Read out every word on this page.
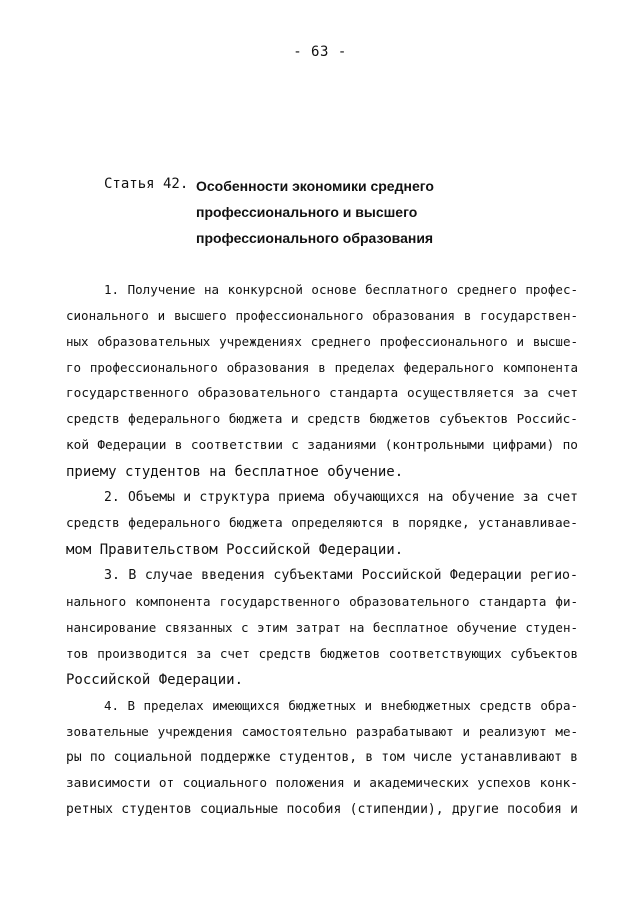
- 63 -
Статья 42. Особенности экономики среднего
профессионального и высшего
профессионального образования
1. Получение на конкурсной основе бесплатного среднего профес-
сионального и высшего профессионального образования в государствен-
ных образовательных учреждениях среднего профессионального и высше-
го профессионального образования в пределах федерального компонента
государственного образовательного стандарта осуществляется за счет
средств федерального бюджета и средств бюджетов субъектов Российс-
кой Федерации в соответствии с заданиями (контрольными цифрами) по
приему студентов на бесплатное обучение.
2. Объемы и структура приема обучающихся на обучение за счет
средств федерального бюджета определяются в порядке, устанавливае-
мом Правительством Российской Федерации.
3. В случае введения субъектами Российской Федерации регио-
нального компонента государственного образовательного стандарта фи-
нансирование связанных с этим затрат на бесплатное обучение студен-
тов производится за счет средств бюджетов соответствующих субъектов
Российской Федерации.
4. В пределах имеющихся бюджетных и внебюджетных средств обра-
зовательные учреждения самостоятельно разрабатывают и реализуют ме-
ры по социальной поддержке студентов, в том числе устанавливают в
зависимости от социального положения и академических успехов конк-
ретных студентов социальные пособия (стипендии), другие пособия и
